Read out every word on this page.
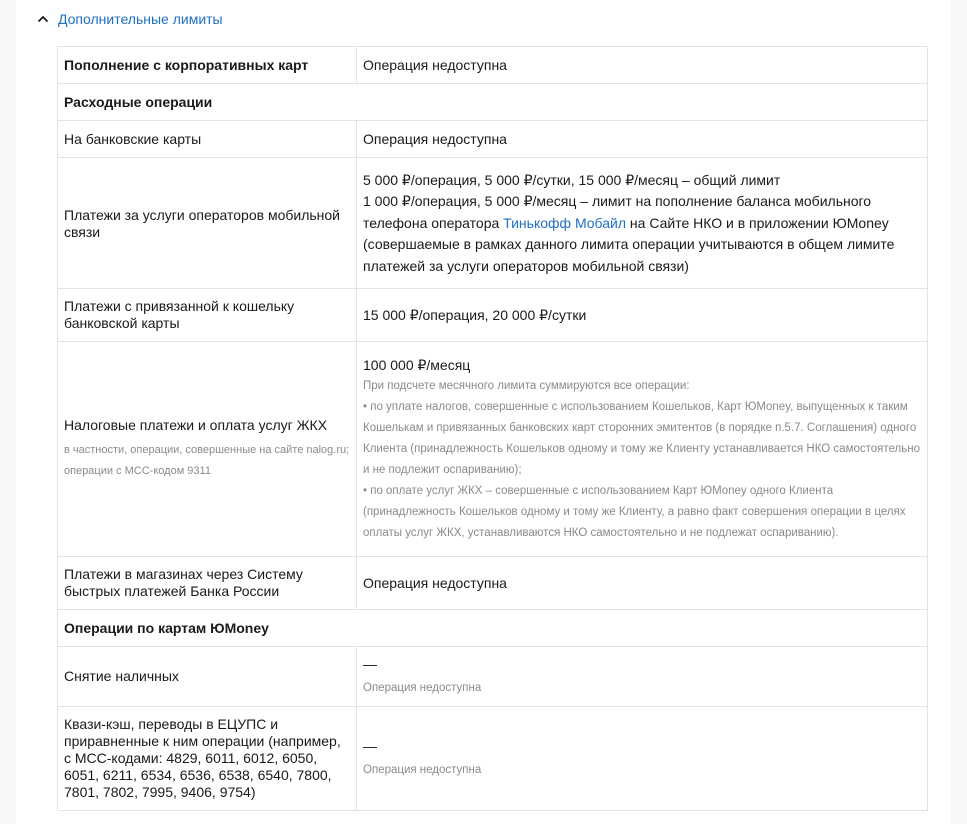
Дополнительные лимиты
Пополнение с корпоративных карт	Операция недоступна
Расходные операции	
На банковские карты	Операция недоступна
Платежи за услуги операторов мобильной связи	5 000 ₽/операция, 5 000 ₽/сутки, 15 000 ₽/месяц – общий лимит
1 000 ₽/операция, 5 000 ₽/месяц – лимит на пополнение баланса мобильного телефона оператора Тинькофф Мобайл на Сайте НКО и в приложении ЮMoney (совершаемые в рамках данного лимита операции учитываются в общем лимите платежей за услуги операторов мобильной связи)

Платежи с привязанной к кошельку банковской карты	15 000 ₽/операция, 20 000 ₽/сутки
Налоговые платежи и оплата услуг ЖКХ
в частности, операции, совершенные на сайте nalog.ru; операции с МСС-кодом 9311	100 000 ₽/месяц
При подсчете месячного лимита суммируются все операции:
• по уплате налогов, совершенные с использованием Кошельков, Карт ЮMoney, выпущенных к таким Кошелькам и привязанных банковских карт сторонних эмитентов (в порядке п.5.7. Соглашения) одного Клиента (принадлежность Кошельков одному и тому же Клиенту устанавливается НКО самостоятельно и не подлежит оспариванию);
• по оплате услуг ЖКХ – совершенные с использованием Карт ЮMoney одного Клиента (принадлежность Кошельков одному и тому же Клиенту, а равно факт совершения операции в целях оплаты услуг ЖКХ, устанавливаются НКО самостоятельно и не подлежат оспариванию).

Платежи в магазинах через Систему быстрых платежей Банка России	Операция недоступна
Операции по картам ЮMoney	
Снятие наличных	—
Операция недоступна

Квази-кэш, переводы в ЕЦУПС и приравненные к ним операции (например, с МСС-кодами: 4829, 6011, 6012, 6050, 6051, 6211, 6534, 6536, 6538, 6540, 7800, 7801, 7802, 7995, 9406, 9754)	—
Операция недоступна
